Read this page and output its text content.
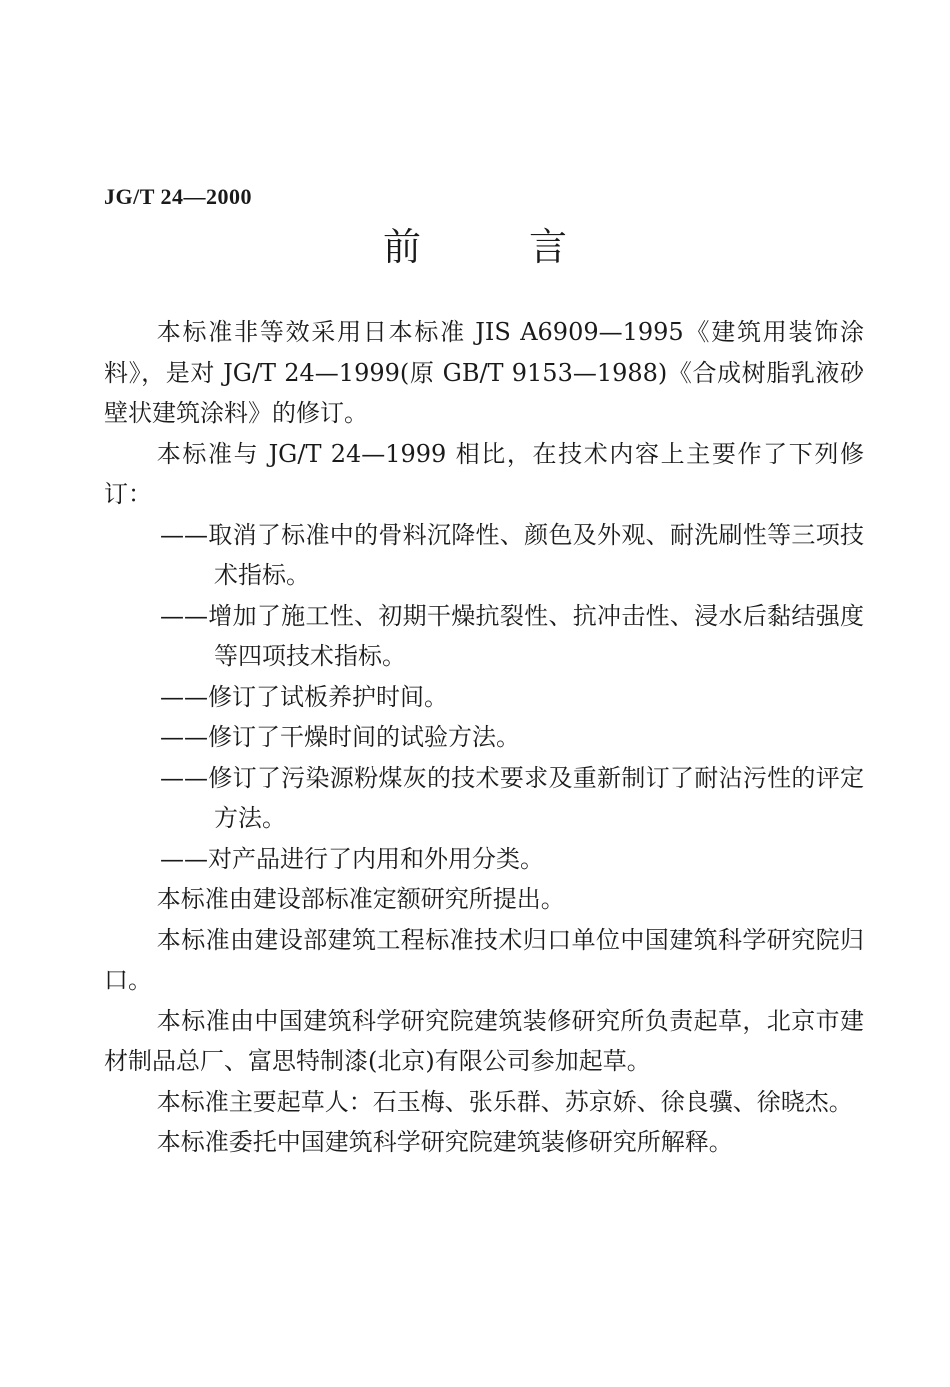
JG/T 24—2000
前	言

本标准非等效采用日本标准 JIS A6909—1995《建筑用装饰涂料》，是对 JG/T 24—1999(原 GB/T 9153—1988)《合成树脂乳液砂壁状建筑涂料》的修订。

本标准与 JG/T 24—1999 相比，在技术内容上主要作了下列修订：

——取消了标准中的骨料沉降性、颜色及外观、耐洗刷性等三项技术指标。

——增加了施工性、初期干燥抗裂性、抗冲击性、浸水后黏结强度等四项技术指标。

——修订了试板养护时间。

——修订了干燥时间的试验方法。

——修订了污染源粉煤灰的技术要求及重新制订了耐沾污性的评定方法。

——对产品进行了内用和外用分类。

本标准由建设部标准定额研究所提出。

本标准由建设部建筑工程标准技术归口单位中国建筑科学研究院归口。

本标准由中国建筑科学研究院建筑装修研究所负责起草，北京市建材制品总厂、富思特制漆(北京)有限公司参加起草。

本标准主要起草人：石玉梅、张乐群、苏京娇、徐良骥、徐晓杰。

本标准委托中国建筑科学研究院建筑装修研究所解释。
